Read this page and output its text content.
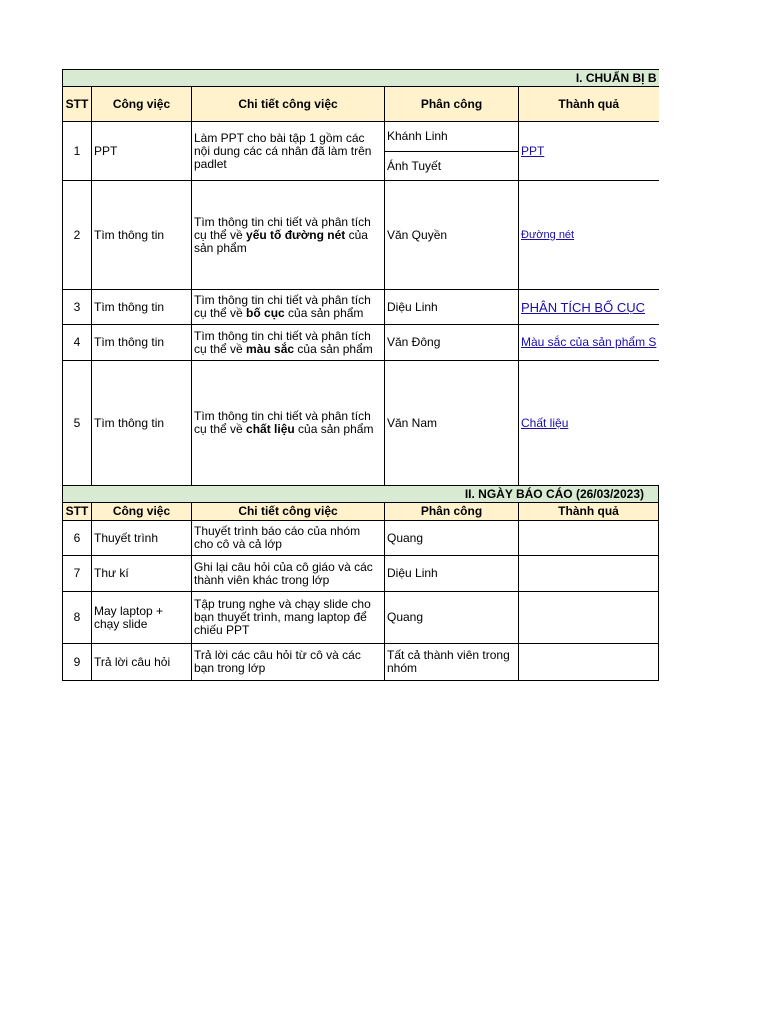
I. CHUẨN BỊ B				
STT	Công việc	Chi tiết công việc	Phân công	Thành quả
1	PPT	Làm PPT cho bài tập 1 gồm các nội dung các cá nhân đã làm trên padlet	Khánh Linh	PPT
			Ánh Tuyết	
2	Tìm thông tin	Tìm thông tin chi tiết và phân tích cụ thể về yếu tố đường nét của sản phẩm	Văn Quyền	Đường nét
3	Tìm thông tin	Tìm thông tin chi tiết và phân tích cụ thể về bố cục của sản phẩm	Diệu Linh	PHÂN TÍCH BỐ CỤC
4	Tìm thông tin	Tìm thông tin chi tiết và phân tích cụ thể về màu sắc của sản phẩm	Văn Đông	Màu sắc của sản phẩm S
5	Tìm thông tin	Tìm thông tin chi tiết và phân tích cụ thể về chất liệu của sản phẩm	Văn Nam	Chất liệu
II. NGÀY BÁO CÁO (26/03/2023)				
STT	Công việc	Chi tiết công việc	Phân công	Thành quả
6	Thuyết trình	Thuyết trình báo cáo của nhóm cho cô và cả lớp	Quang	
7	Thư kí	Ghi lại câu hỏi của cô giáo và các thành viên khác trong lớp	Diệu Linh	
8	May laptop + chạy slide	Tập trung nghe và chạy slide cho bạn thuyết trình, mang laptop để chiếu PPT	Quang	
9	Trả lời câu hỏi	Trả lời các câu hỏi từ cô và các bạn trong lớp	Tất cả thành viên trong nhóm	
